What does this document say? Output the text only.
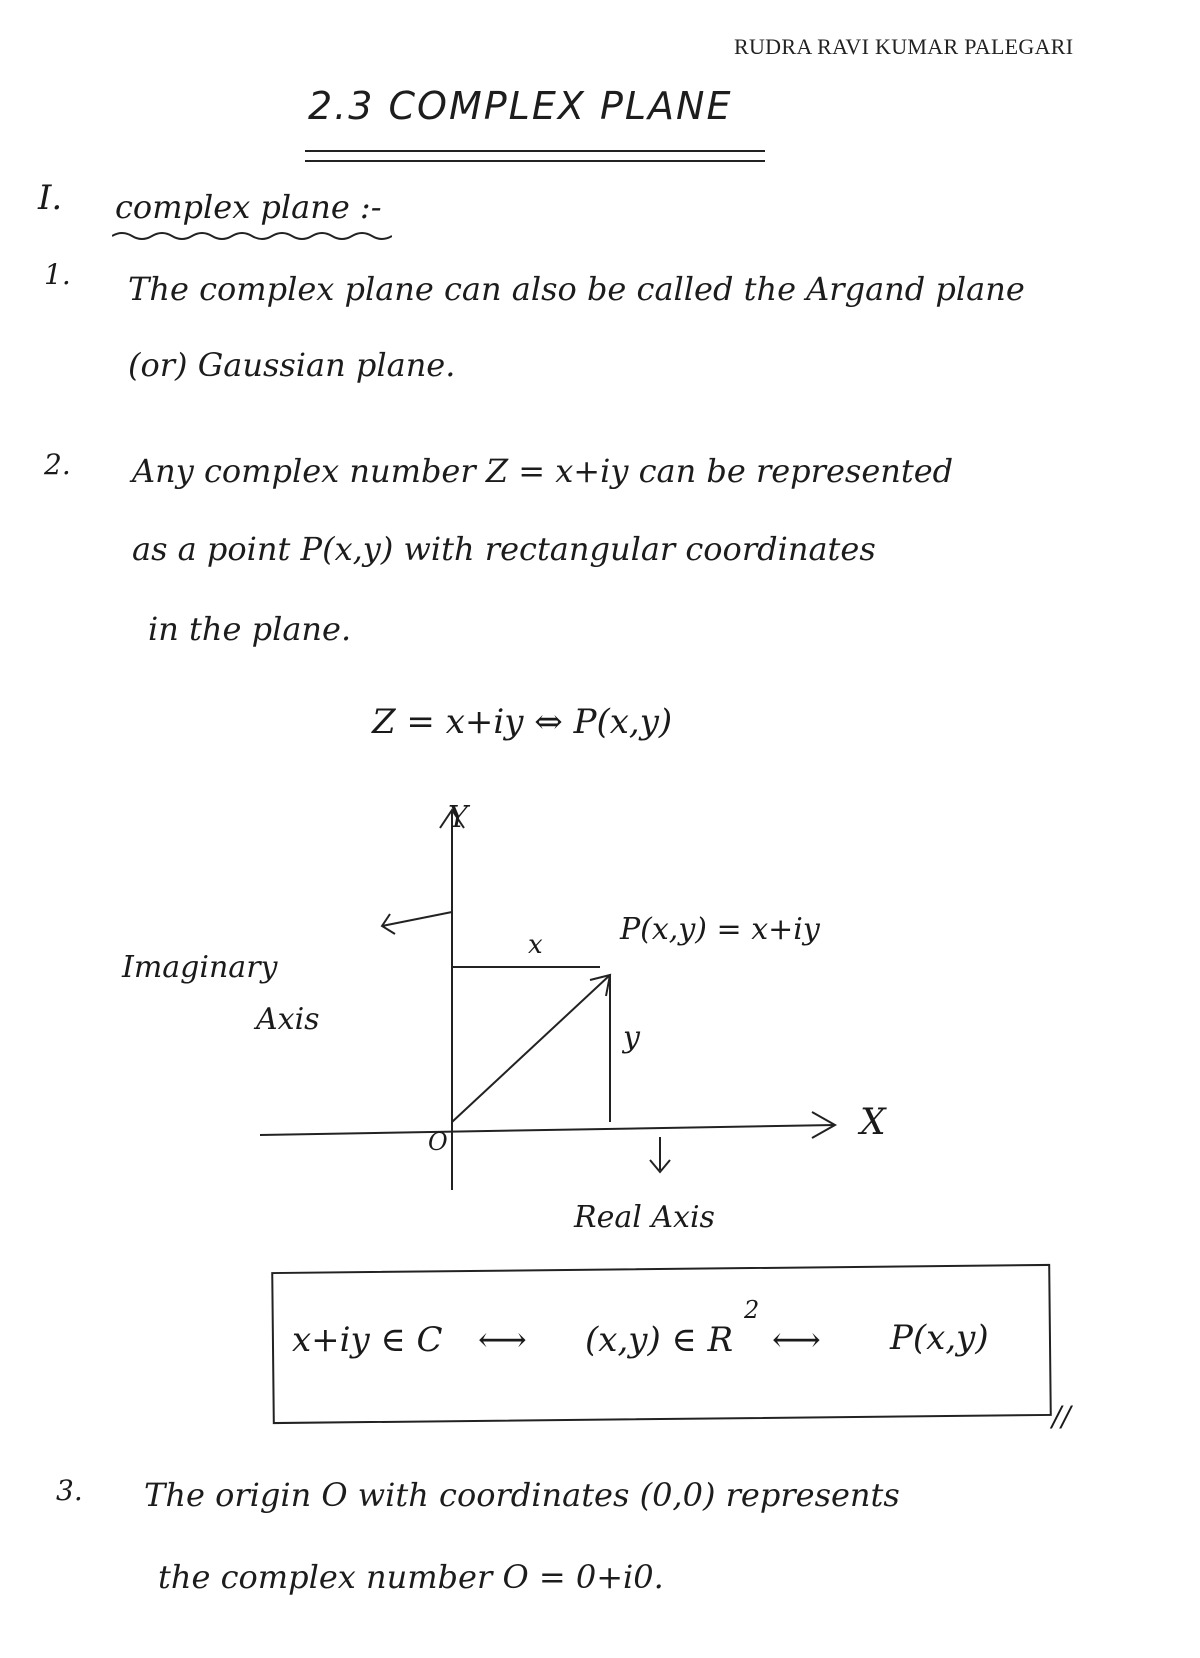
RUDRA RAVI KUMAR PALEGARI
2.3 COMPLEX PLANE
I. complex plane :-
1. The complex plane can also be called the Argand plane
(or) Gaussian plane.
2. Any complex number Z = x+iy can be represented
as a point P(x,y) with rectangular coordinates
in the plane.
Z = x+iy ⇔ P(x,y)
Y
X
O
P(x,y) = x+iy
x
y
Imaginary
Axis
Real Axis
x+iy ∈ C ⟷ (x,y) ∈ R
2
⟷ P(x,y)
//
3. The origin O with coordinates (0,0) represents
the complex number O = 0+i0.
